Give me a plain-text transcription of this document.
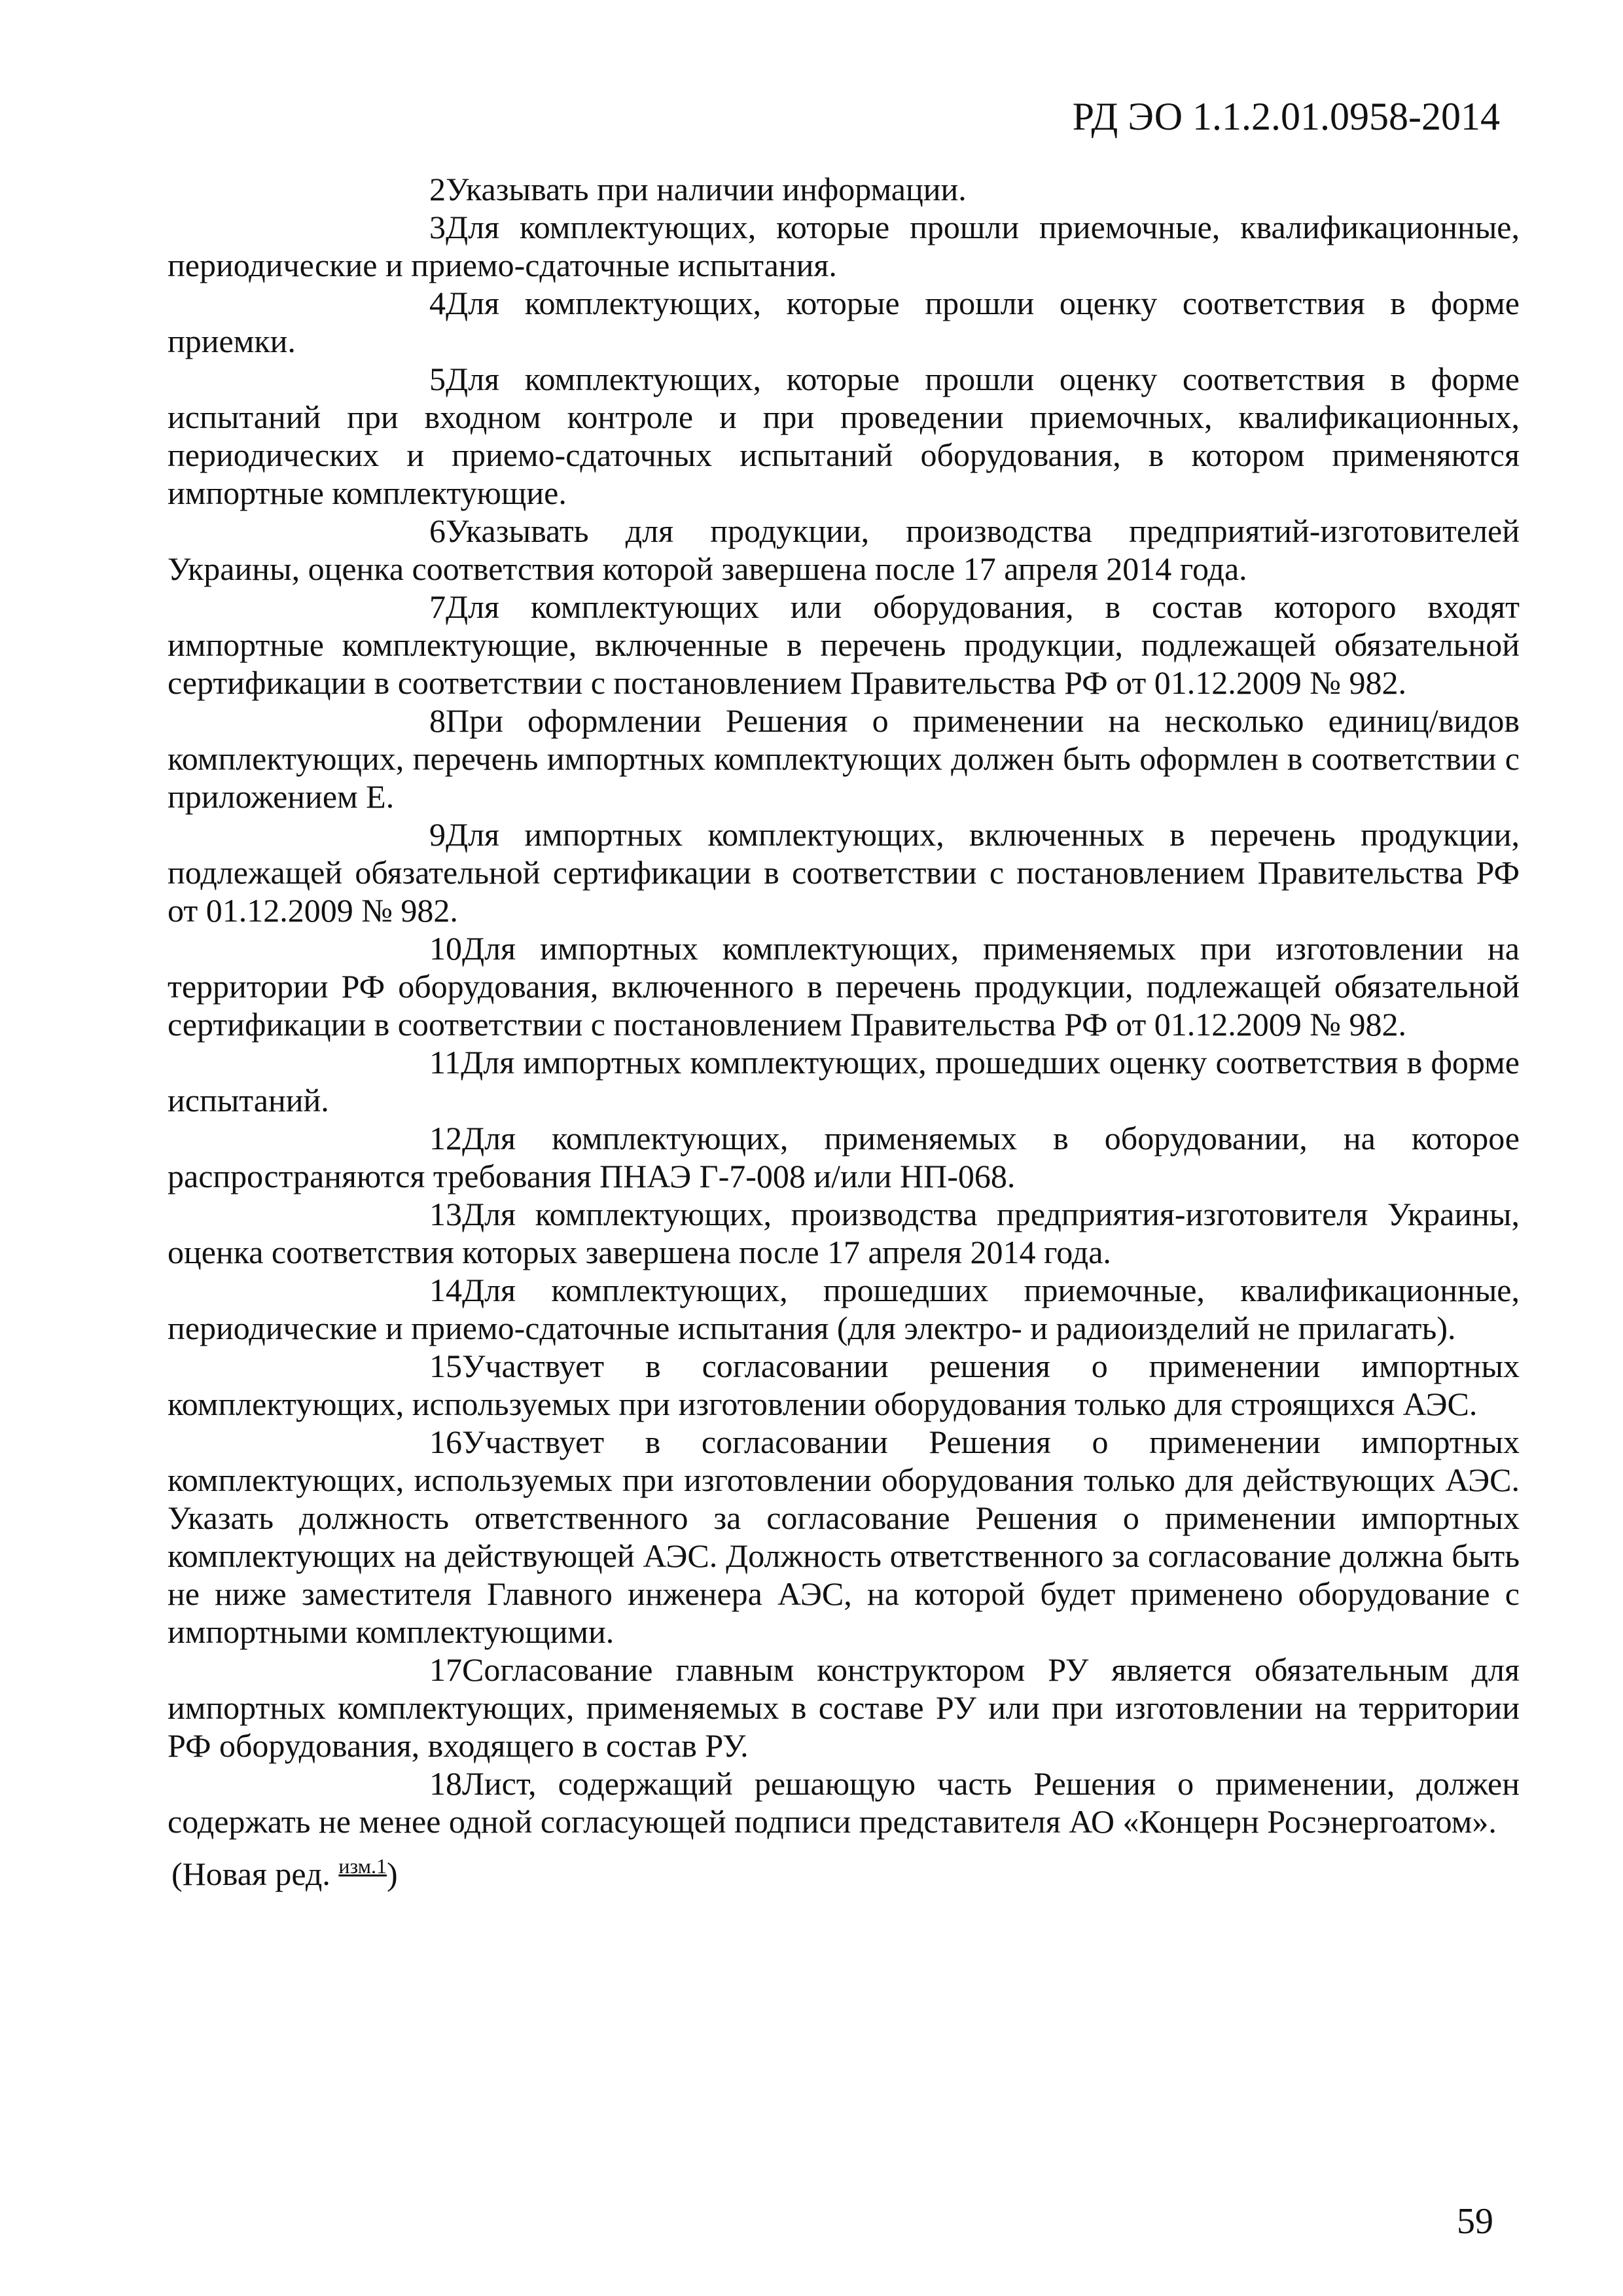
РД ЭО 1.1.2.01.0958-2014

2Указывать при наличии информации.

3Для комплектующих, которые прошли приемочные, квалификационные, периодические и приемо-сдаточные испытания.

4Для комплектующих, которые прошли оценку соответствия в форме приемки.

5Для комплектующих, которые прошли оценку соответствия в форме испытаний при входном контроле и при проведении приемочных, квалификационных, периодических и приемо-сдаточных испытаний оборудования, в котором применяются импортные комплектующие.

6Указывать для продукции, производства предприятий-изготовителей Украины, оценка соответствия которой завершена после 17 апреля 2014 года.

7Для комплектующих или оборудования, в состав которого входят импортные комплектующие, включенные в перечень продукции, подлежащей обязательной сертификации в соответствии с постановлением Правительства РФ от 01.12.2009 № 982.

8При оформлении Решения о применении на несколько единиц/видов комплектующих, перечень импортных комплектующих должен быть оформлен в соответствии с приложением Е.

9Для импортных комплектующих, включенных в перечень продукции, подлежащей обязательной сертификации в соответствии с постановлением Правительства РФ от 01.12.2009 № 982.

10Для импортных комплектующих, применяемых при изготовлении на территории РФ оборудования, включенного в перечень продукции, подлежащей обязательной сертификации в соответствии с постановлением Правительства РФ от 01.12.2009 № 982.

11Для импортных комплектующих, прошедших оценку соответствия в форме испытаний.

12Для комплектующих, применяемых в оборудовании, на которое распространяются требования ПНАЭ Г-7-008 и/или НП-068.

13Для комплектующих, производства предприятия-изготовителя Украины, оценка соответствия которых завершена после 17 апреля 2014 года.

14Для комплектующих, прошедших приемочные, квалификационные, периодические и приемо-сдаточные испытания (для электро- и радиоизделий не прилагать).

15Участвует в согласовании решения о применении импортных комплектующих, используемых при изготовлении оборудования только для строящихся АЭС.

16Участвует в согласовании Решения о применении импортных комплектующих, используемых при изготовлении оборудования только для действующих АЭС. Указать должность ответственного за согласование Решения о применении импортных комплектующих на действующей АЭС. Должность ответственного за согласование должна быть не ниже заместителя Главного инженера АЭС, на которой будет применено оборудование с импортными комплектующими.

17Согласование главным конструктором РУ является обязательным для импортных комплектующих, применяемых в составе РУ или при изготовлении на территории РФ оборудования, входящего в состав РУ.

18Лист, содержащий решающую часть Решения о применении, должен содержать не менее одной согласующей подписи представителя АО «Концерн Росэнергоатом».

(Новая ред. $^{изм.1}$)
59
